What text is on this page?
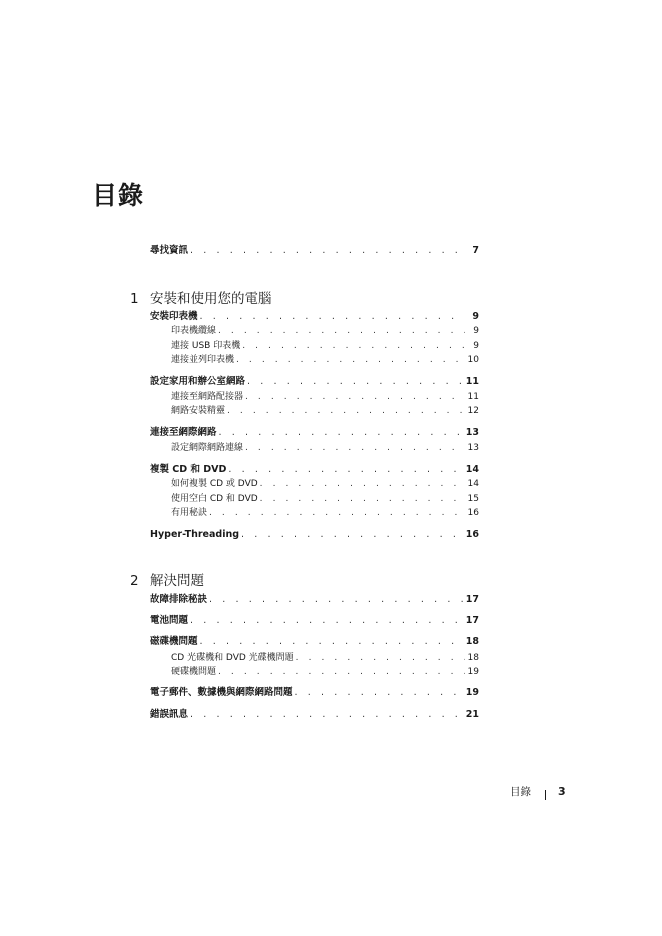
目錄
尋找資訊 . . .	7
1 安裝和使用您的電腦
安裝印表機 . . .	9
印表機纜線 . . .	9
連接 USB 印表機 . . .	9
連接並列印表機 . . .	10
設定家用和辦公室網路 . . .	11
連接至網路配接器 . . .	11
網路安裝精靈 . . .	12
連接至網際網路 . . .	13
設定網際網路連線 . . .	13
複製 CD 和 DVD . . .	14
如何複製 CD 或 DVD . . .	14
使用空白 CD 和 DVD . . .	15
有用秘訣 . . .	16
Hyper-Threading . . .	16
2 解決問題
故障排除秘訣 . . .	17
電池問題 . . .	17
磁碟機問題 . . .	18
CD 光碟機和 DVD 光碟機問題 . . .	18
硬碟機問題 . . .	19
電子郵件、數據機與網際網路問題 . . .	19
錯誤訊息 . . .	21
目錄 3
